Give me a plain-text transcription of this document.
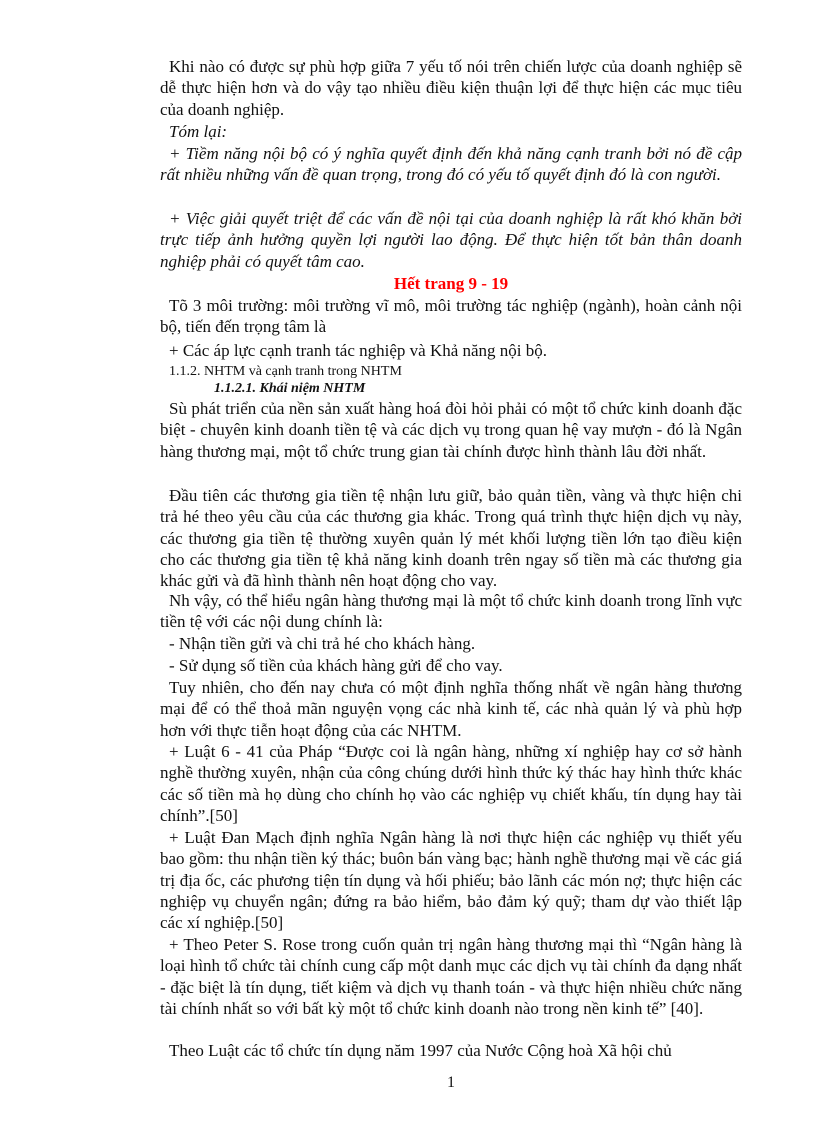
Khi nào có được sự phù hợp giữa 7 yếu tố nói trên chiến lược của doanh nghiệp sẽ dễ thực hiện hơn và do vậy tạo nhiều điều kiện thuận lợi để thực hiện các mục tiêu của doanh nghiệp.

Tóm lại:

+ Tiềm năng nội bộ có ý nghĩa quyết định đến khả năng cạnh tranh bởi nó đề cập rất nhiều những vấn đề quan trọng, trong đó có yếu tố quyết định đó là con người.

+ Việc giải quyết triệt để các vấn đề nội tại của doanh nghiệp là rất khó khăn bởi trực tiếp ảnh hưởng quyền lợi người lao động. Để thực hiện tốt bản thân doanh nghiệp phải có quyết tâm cao.

Hết trang 9 - 19

Tõ 3 môi trường: môi trường vĩ mô, môi trường tác nghiệp (ngành), hoàn cảnh nội bộ, tiến đến trọng tâm là

+ Các áp lực cạnh tranh tác nghiệp và Khả năng nội bộ.

1.1.2. NHTM và cạnh tranh trong NHTM
1.1.2.1. Khái niệm NHTM

Sù phát triển của nền sản xuất hàng hoá đòi hỏi phải có một tổ chức kinh doanh đặc biệt - chuyên kinh doanh tiền tệ và các dịch vụ trong quan hệ vay mượn - đó là Ngân hàng thương mại, một tổ chức trung gian tài chính được hình thành lâu đời nhất.

Đầu tiên các thương gia tiền tệ nhận lưu giữ, bảo quản tiền, vàng và thực hiện chi trả hé theo yêu cầu của các thương gia khác. Trong quá trình thực hiện dịch vụ này, các thương gia tiền tệ thường xuyên quản lý mét khối lượng tiền lớn tạo điều kiện cho các thương gia tiền tệ khả năng kinh doanh trên ngay số tiền mà các thương gia khác gửi và đã hình thành nên hoạt động cho vay.

Nh vậy, có thể hiểu ngân hàng thương mại là một tổ chức kinh doanh trong lĩnh vực tiền tệ với các nội dung chính là:

- Nhận tiền gửi và chi trả hé cho khách hàng.

- Sử dụng số tiền của khách hàng gửi để cho vay.

Tuy nhiên, cho đến nay chưa có một định nghĩa thống nhất về ngân hàng thương mại để có thể thoả mãn nguyện vọng các nhà kinh tế, các nhà quản lý và phù hợp hơn với thực tiễn hoạt động của các NHTM.

+ Luật 6 - 41 của Pháp “Được coi là ngân hàng, những xí nghiệp hay cơ sở hành nghề thường xuyên, nhận của công chúng dưới hình thức ký thác hay hình thức khác các số tiền mà họ dùng cho chính họ vào các nghiệp vụ chiết khấu, tín dụng hay tài chính”.[50]

+ Luật Đan Mạch định nghĩa Ngân hàng là nơi thực hiện các nghiệp vụ thiết yếu bao gồm: thu nhận tiền ký thác; buôn bán vàng bạc; hành nghề thương mại về các giá trị địa ốc, các phương tiện tín dụng và hối phiếu; bảo lãnh các món nợ; thực hiện các nghiệp vụ chuyển ngân; đứng ra bảo hiểm, bảo đảm ký quỹ; tham dự vào thiết lập các xí nghiệp.[50]

+ Theo Peter S. Rose trong cuốn quản trị ngân hàng thương mại thì “Ngân hàng là loại hình tổ chức tài chính cung cấp một danh mục các dịch vụ tài chính đa dạng nhất - đặc biệt là tín dụng, tiết kiệm và dịch vụ thanh toán - và thực hiện nhiều chức năng tài chính nhất so với bất kỳ một tổ chức kinh doanh nào trong nền kinh tế” [40].

Theo Luật các tổ chức tín dụng năm 1997 của Nước Cộng hoà Xã hội chủ

1
